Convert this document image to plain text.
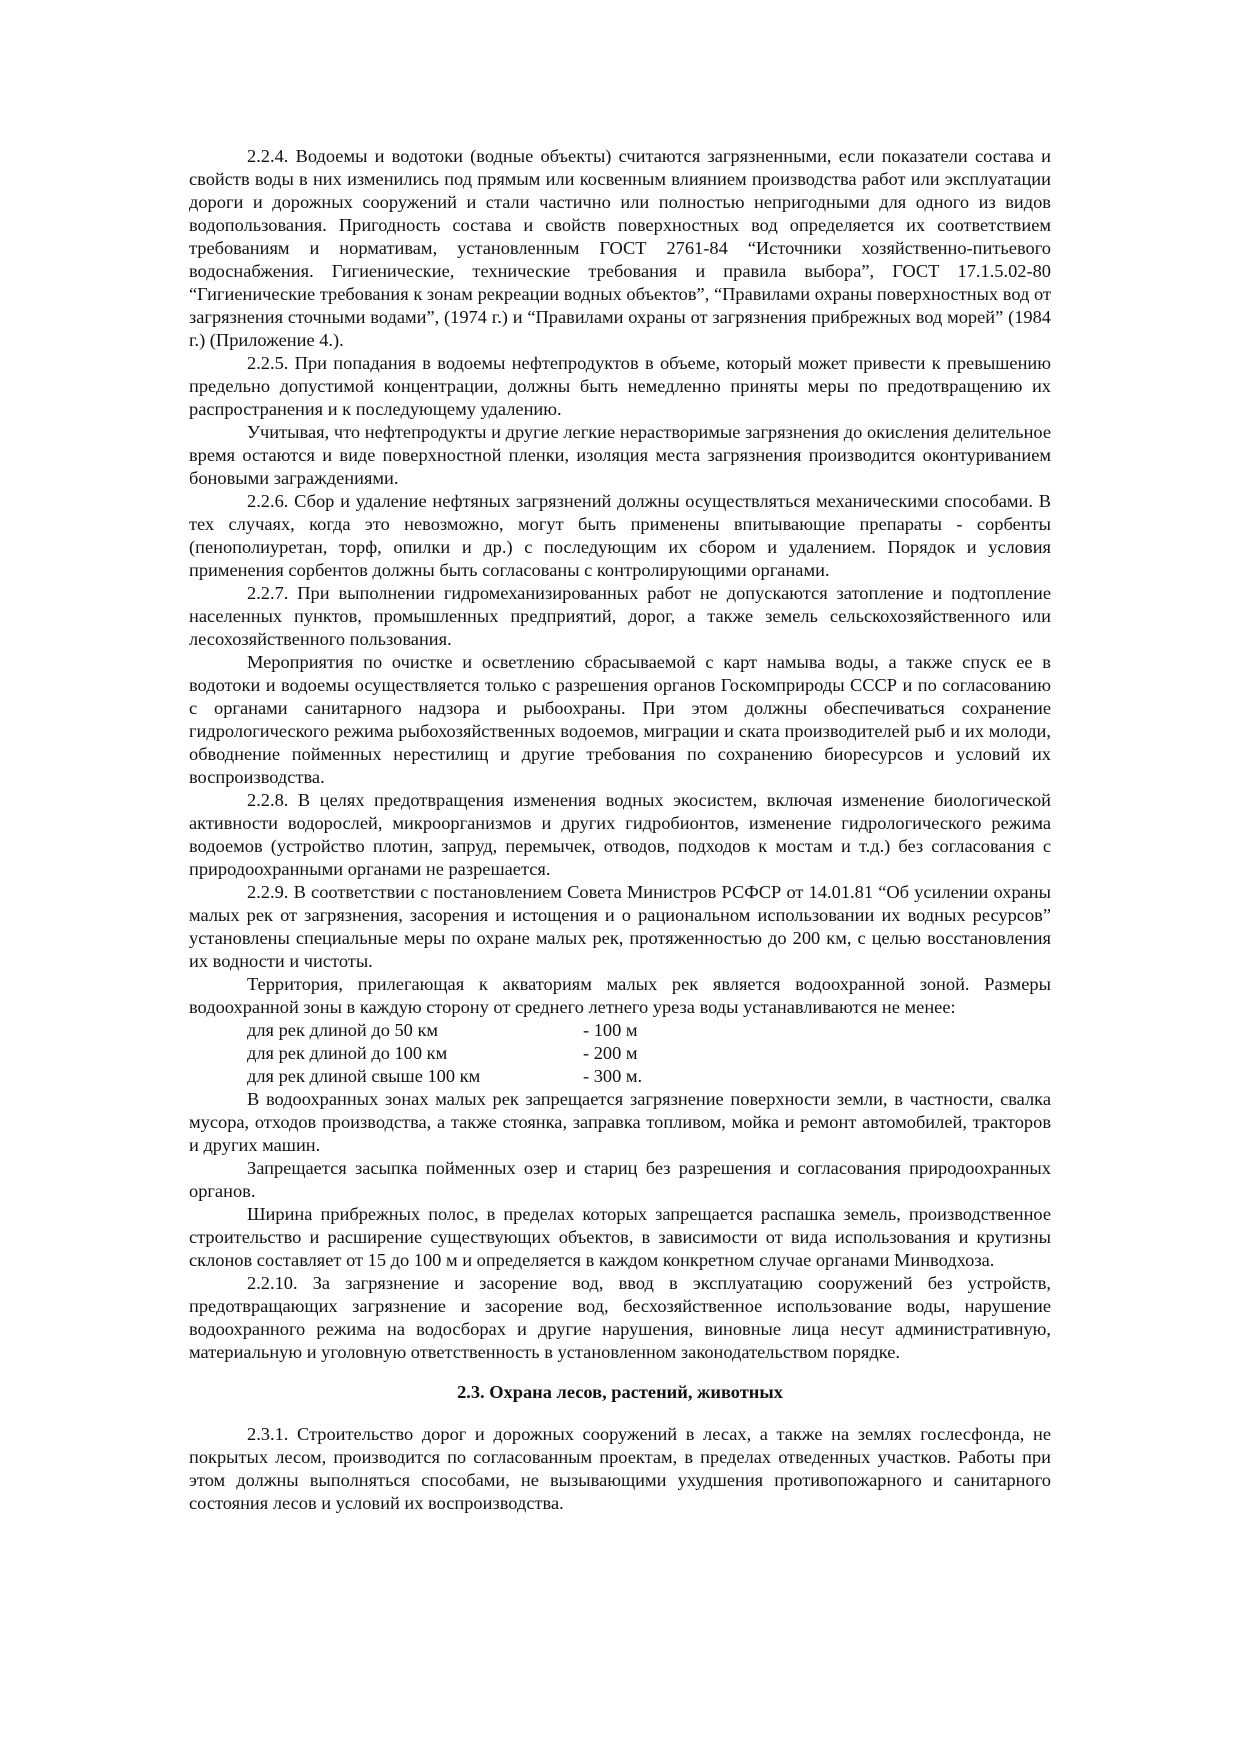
2.2.4. Водоемы и водотоки (водные объекты) считаются загрязненными, если показатели состава и свойств воды в них изменились под прямым или косвенным влиянием производства работ или эксплуатации дороги и дорожных сооружений и стали частично или полностью непригодными для одного из видов водопользования. Пригодность состава и свойств поверхностных вод определяется их соответствием требованиям и нормативам, установленным ГОСТ 2761-84 “Источники хозяйственно-питьевого водоснабжения. Гигиенические, технические требования и правила выбора”, ГОСТ 17.1.5.02-80 “Гигиенические требования к зонам рекреации водных объектов”, “Правилами охраны поверхностных вод от загрязнения сточными водами”, (1974 г.) и “Правилами охраны от загрязнения прибрежных вод морей” (1984 г.) (Приложение 4.).

2.2.5. При попадания в водоемы нефтепродуктов в объеме, который может привести к превышению предельно допустимой концентрации, должны быть немедленно приняты меры по предотвращению их распространения и к последующему удалению.

Учитывая, что нефтепродукты и другие легкие нерастворимые загрязнения до окисления делительное время остаются и виде поверхностной пленки, изоляция места загрязнения производится оконтуриванием боновыми заграждениями.

2.2.6. Сбор и удаление нефтяных загрязнений должны осуществляться механическими способами. В тех случаях, когда это невозможно, могут быть применены впитывающие препараты - сорбенты (пенополиуретан, торф, опилки и др.) с последующим их сбором и удалением. Порядок и условия применения сорбентов должны быть согласованы с контролирующими органами.

2.2.7. При выполнении гидромеханизированных работ не допускаются затопление и подтопление населенных пунктов, промышленных предприятий, дорог, а также земель сельскохозяйственного или лесохозяйственного пользования.

Мероприятия по очистке и осветлению сбрасываемой с карт намыва воды, а также спуск ее в водотоки и водоемы осуществляется только с разрешения органов Госкомприроды СССР и по согласованию с органами санитарного надзора и рыбоохраны. При этом должны обеспечиваться сохранение гидрологического режима рыбохозяйственных водоемов, миграции и ската производителей рыб и их молоди, обводнение пойменных нерестилищ и другие требования по сохранению биоресурсов и условий их воспроизводства.

2.2.8. В целях предотвращения изменения водных экосистем, включая изменение биологической активности водорослей, микроорганизмов и других гидробионтов, изменение гидрологического режима водоемов (устройство плотин, запруд, перемычек, отводов, подходов к мостам и т.д.) без согласования с природоохранными органами не разрешается.

2.2.9. В соответствии с постановлением Совета Министров РСФСР от 14.01.81 “Об усилении охраны малых рек от загрязнения, засорения и истощения и о рациональном использовании их водных ресурсов” установлены специальные меры по охране малых рек, протяженностью до 200 км, с целью восстановления их водности и чистоты.

Территория, прилегающая к акваториям малых рек является водоохранной зоной. Размеры водоохранной зоны в каждую сторону от среднего летнего уреза воды устанавливаются не менее:

для рек длиной до 50 км	- 100 м

для рек длиной до 100 км	- 200 м

для рек длиной свыше 100 км	- 300 м.

В водоохранных зонах малых рек запрещается загрязнение поверхности земли, в частности, свалка мусора, отходов производства, а также стоянка, заправка топливом, мойка и ремонт автомобилей, тракторов и других машин.

Запрещается засыпка пойменных озер и стариц без разрешения и согласования природоохранных органов.

Ширина прибрежных полос, в пределах которых запрещается распашка земель, производственное строительство и расширение существующих объектов, в зависимости от вида использования и крутизны склонов составляет от 15 до 100 м и определяется в каждом конкретном случае органами Минводхоза.

2.2.10. За загрязнение и засорение вод, ввод в эксплуатацию сооружений без устройств, предотвращающих загрязнение и засорение вод, бесхозяйственное использование воды, нарушение водоохранного режима на водосборах и другие нарушения, виновные лица несут административную, материальную и уголовную ответственность в установленном законодательством порядке.

2.3. Охрана лесов, растений, животных

2.3.1. Строительство дорог и дорожных сооружений в лесах, а также на землях гослесфонда, не покрытых лесом, производится по согласованным проектам, в пределах отведенных участков. Работы при этом должны выполняться способами, не вызывающими ухудшения противопожарного и санитарного состояния лесов и условий их воспроизводства.
